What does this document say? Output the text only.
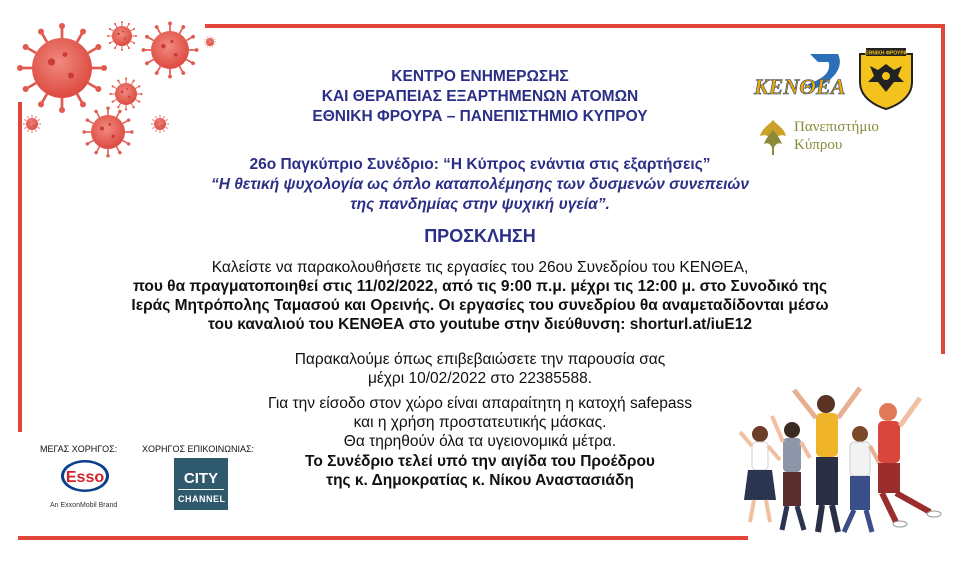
ΚΕΝΤΡΟ ΕΝΗΜΕΡΩΣΗΣ
ΚΑΙ ΘΕΡΑΠΕΙΑΣ ΕΞΑΡΤΗΜΕΝΩΝ ΑΤΟΜΩΝ
ΕΘΝΙΚΗ ΦΡΟΥΡΑ – ΠΑΝΕΠΙΣΤΗΜΙΟ ΚΥΠΡΟΥ
26ο Παγκύπριο Συνέδριο: “Η Κύπρος ενάντια στις εξαρτήσεις”
“Η θετική ψυχολογία ως όπλο καταπολέμησης των δυσμενών συνεπειών
της πανδημίας στην ψυχική υγεία”.
ΠΡΟΣΚΛΗΣΗ
Καλείστε να παρακολουθήσετε τις εργασίες του 26ου Συνεδρίου του ΚΕΝΘΕΑ,
που θα πραγματοποιηθεί στις 11/02/2022, από τις 9:00 π.μ. μέχρι τις 12:00 μ. στο Συνοδικό της
Ιεράς Μητρόπολης Ταμασού και Ορεινής. Οι εργασίες του συνεδρίου θα αναμεταδίδονται μέσω
του καναλιού του ΚΕΝΘΕΑ στο youtube στην διεύθυνση: shorturl.at/iuE12
Παρακαλούμε όπως επιβεβαιώσετε την παρουσία σας
μέχρι 10/02/2022 στο 22385588.
Για την είσοδο στον χώρο είναι απαραίτητη η κατοχή safepass
και η χρήση προστατευτικής μάσκας.
Θα τηρηθούν όλα τα υγειονομικά μέτρα.
Το Συνέδριο τελεί υπό την αιγίδα του Προέδρου
της κ. Δημοκρατίας κ. Νίκου Αναστασιάδη
ΚΕΝΘΕΑ
ΕΘΝΙΚΗ ΦΡΟΥΡΑ
Πανεπιστήμιο
Κύπρου
ΜΕΓΑΣ ΧΟΡΗΓΟΣ:	ΧΟΡΗΓΟΣ ΕΠΙΚΟΙΝΩΝΙΑΣ:
Esso
An ExxonMobil Brand
CITY
CHANNEL
